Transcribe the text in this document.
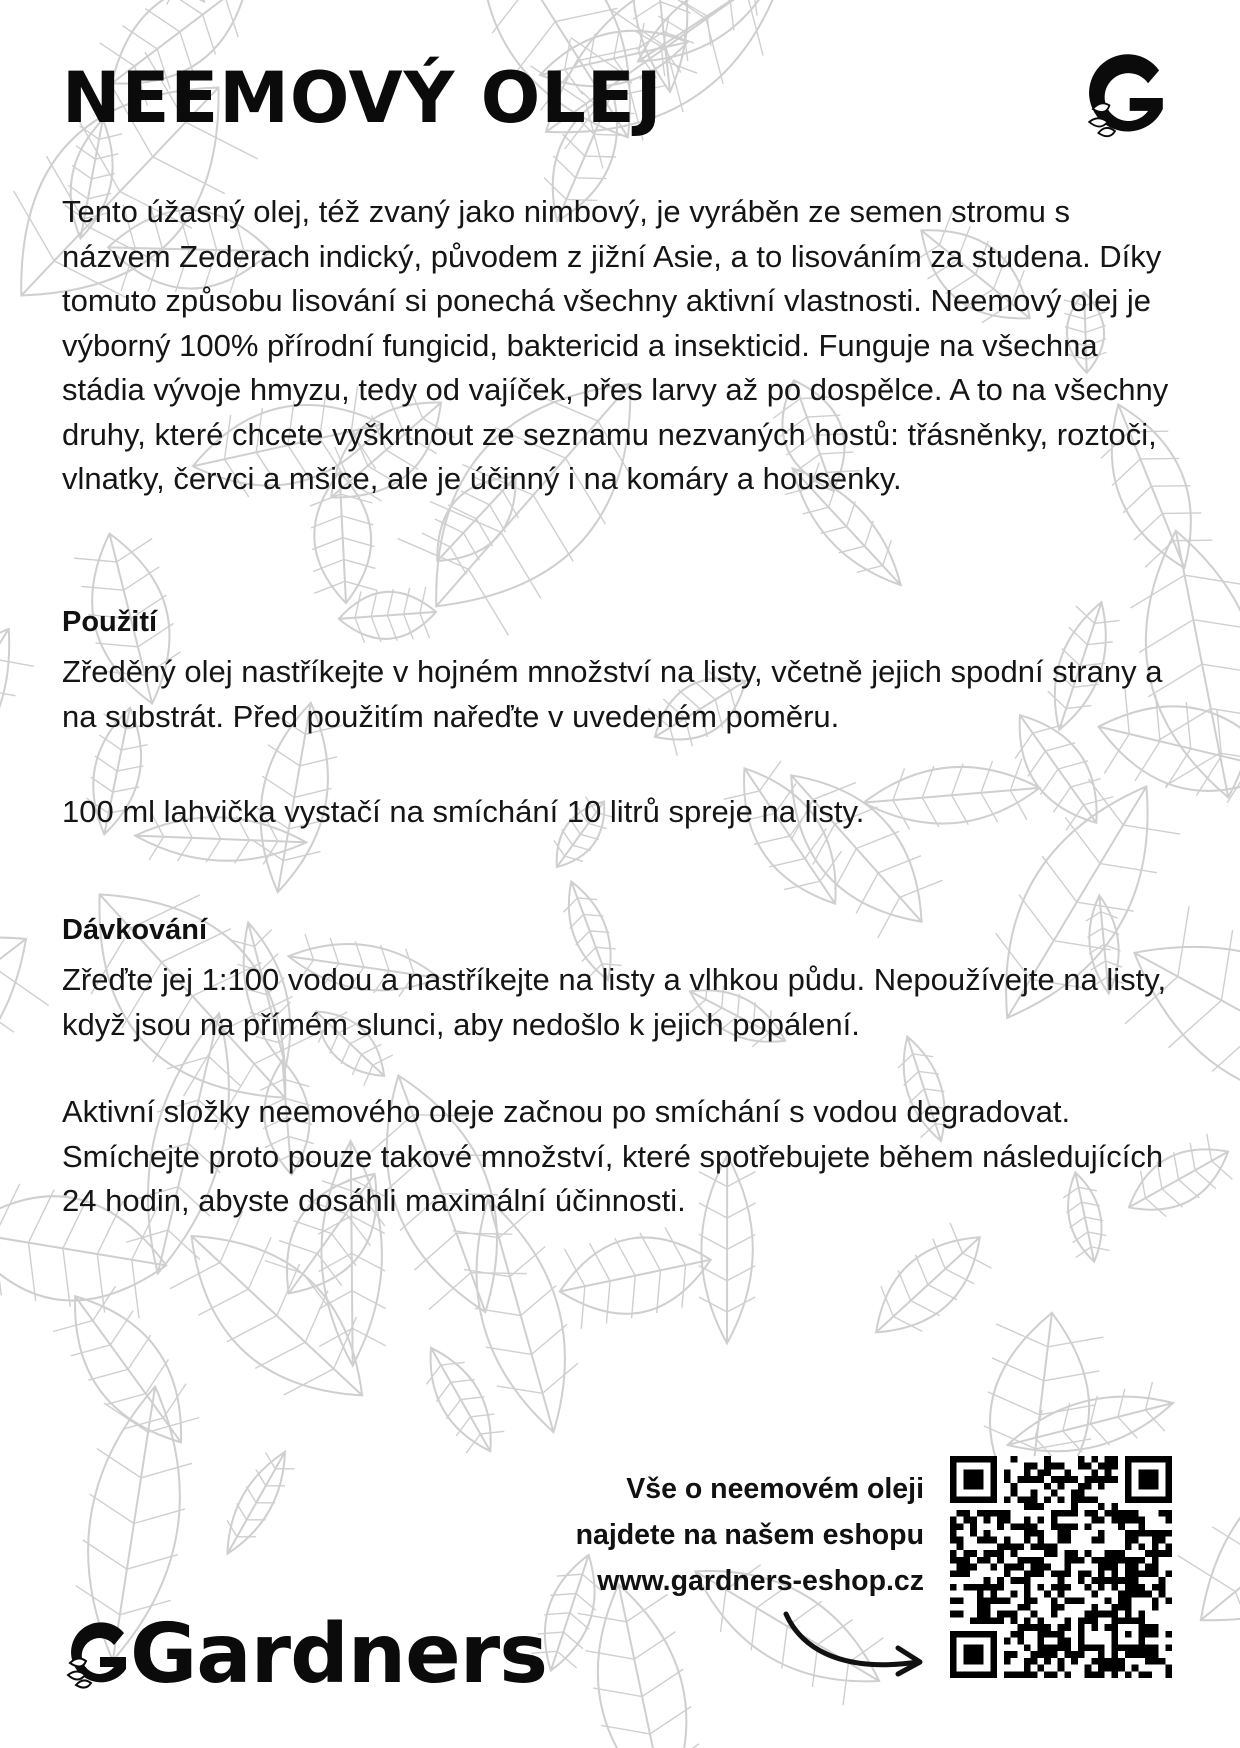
NEEMOVÝ OLEJ

Tento úžasný olej, též zvaný jako nimbový, je vyráběn ze semen stromu s názvem Zederach indický, původem z jižní Asie, a to lisováním za studena. Díky tomuto způsobu lisování si ponechá všechny aktivní vlastnosti. Neemový olej je výborný 100% přírodní fungicid, baktericid a insekticid. Funguje na všechna stádia vývoje hmyzu, tedy od vajíček, přes larvy až po dospělce. A to na všechny druhy, které chcete vyškrtnout ze seznamu nezvaných hostů: třásněnky, roztoči, vlnatky, červci a mšice, ale je účinný i na komáry a housenky.

Použití

Zředěný olej nastříkejte v hojném množství na listy, včetně jejich spodní strany a na substrát. Před použitím nařeďte v uvedeném poměru.

100 ml lahvička vystačí na smíchání 10 litrů spreje na listy.

Dávkování

Zřeďte jej 1:100 vodou a nastříkejte na listy a vlhkou půdu. Nepoužívejte na listy, když jsou na přímém slunci, aby nedošlo k jejich popálení.

Aktivní složky neemového oleje začnou po smíchání s vodou degradovat. Smíchejte proto pouze takové množství, které spotřebujete během následujících 24 hodin, abyste dosáhli maximální účinnosti.

Vše o neemovém oleji
najdete na našem eshopu
www.gardners-eshop.cz
Gardners
